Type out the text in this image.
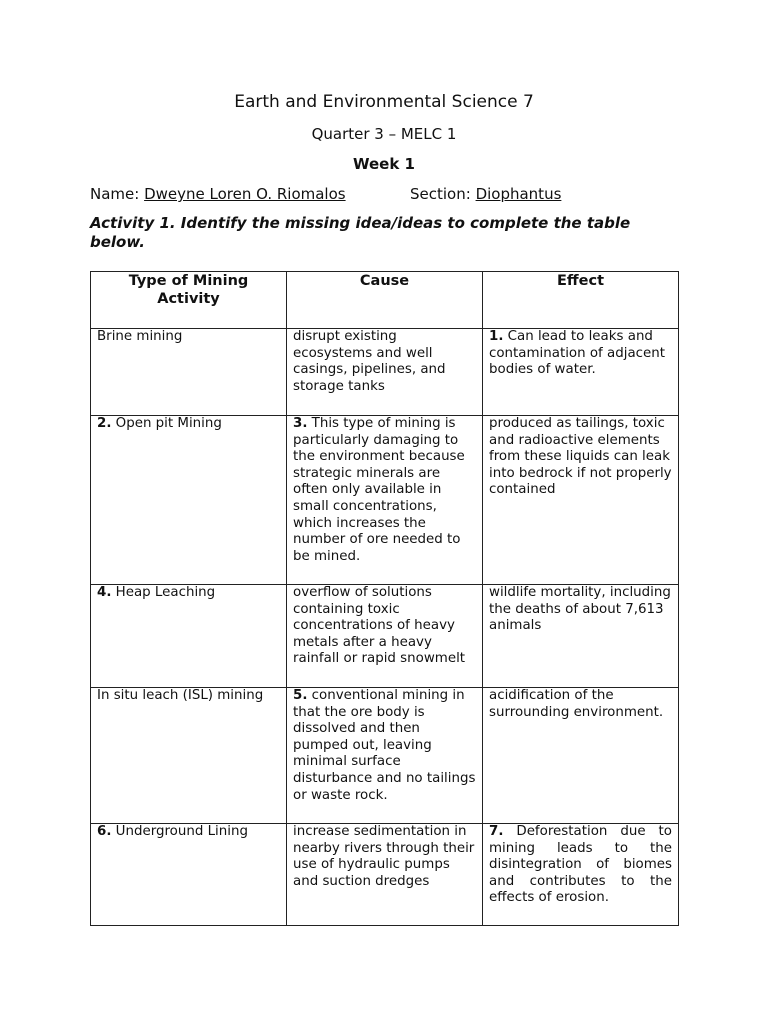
Earth and Environmental Science 7
Quarter 3 – MELC 1
Week 1
Name: Dweyne Loren O. Riomalos	Section: Diophantus
Activity 1. Identify the missing idea/ideas to complete the table below.
Type of Mining Activity	Cause	Effect
Brine mining	disrupt existing ecosystems and well casings, pipelines, and storage tanks	1. Can lead to leaks and contamination of adjacent bodies of water.
2. Open pit Mining	3. This type of mining is particularly damaging to the environment because strategic minerals are often only available in small concentrations, which increases the number of ore needed to be mined.	produced as tailings, toxic and radioactive elements from these liquids can leak into bedrock if not properly contained
4. Heap Leaching	overflow of solutions containing toxic concentrations of heavy metals after a heavy rainfall or rapid snowmelt	wildlife mortality, including the deaths of about 7,613 animals
In situ leach (ISL) mining	5. conventional mining in that the ore body is dissolved and then pumped out, leaving minimal surface disturbance and no tailings or waste rock.	acidification of the surrounding environment.
6. Underground Lining	increase sedimentation in nearby rivers through their use of hydraulic pumps and suction dredges	7. Deforestation due to mining leads to the disintegration of biomes and contributes to the effects of erosion.
